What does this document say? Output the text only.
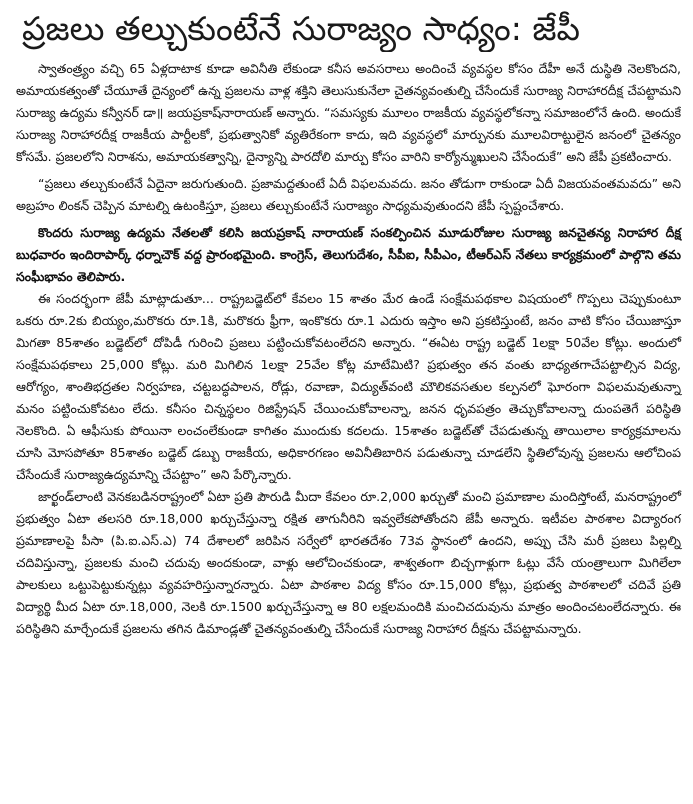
ప్రజలు తల్చుకుంటేనే సురాజ్యం సాధ్యం: జేపీ

స్వాతంత్ర్యం వచ్చి 65 ఏళ్లదాటాక కూడా అవినీతి లేకుండా కనీస అవసరాలు అందించే వ్యవస్థల కోసం దేహీ అనే దుస్థితి నెలకొందని, అమాయకత్వంతో చేయూతే దైన్యంలో ఉన్న ప్రజలను వాళ్ల శక్తిని తెలుసుకునేలా చైతన్యవంతుల్ని చేసేందుకే సురాజ్య నిరాహారదీక్ష చేపట్టామని సురాజ్య ఉద్యమ కన్వీనర్ డా॥ జయప్రకాష్‌నారాయణ్ అన్నారు. “సమస్యకు మూలం రాజకీయ వ్యవస్థలోకన్నా సమాజంలోనే ఉంది. అందుకే సురాజ్య నిరాహారదీక్ష రాజకీయ పార్టీలకో, ప్రభుత్వానికో వ్యతిరేకంగా కాదు, ఇది వ్యవస్థలో మార్పునకు మూలవిరాట్టులైన జనంలో చైతన్యం కోసమే. ప్రజలలోని నిరాశను, అమాయకత్వాన్ని, దైన్యాన్ని పారదోలి మార్పు కోసం వారిని కార్యోన్ముఖులని చేసేందుకే” అని జేపీ ప్రకటించారు.

“ప్రజలు తల్చుకుంటేనే ఏదైనా జరుగుతుంది. ప్రజామద్దతుంటే ఏదీ విఫలమవదు. జనం తోడుగా రాకుండా ఏదీ విజయవంతమవదు” అని అబ్రహం లింకన్ చెప్పిన మాటల్ని ఉటంకిస్తూ, ప్రజలు తల్చుకుంటేనే సురాజ్యం సాధ్యమవుతుందని జేపీ స్పష్టంచేశారు.

కొందరు సురాజ్య ఉద్యమ నేతలతో కలిసి జయప్రకాష్ నారాయణ్ సంకల్పించిన మూడురోజుల సురాజ్య జనచైతన్య నిరాహార దీక్ష బుధవారం ఇందిరాపార్క్ ధర్నాచౌక్ వద్ద ప్రారంభమైంది. కాంగ్రెస్, తెలుగుదేశం, సీపీఐ, సీపీఎం, టీఆర్ఎస్ నేతలు కార్యక్రమంలో పాల్గొని తమ సంఘీభావం తెలిపారు.

ఈ సందర్భంగా జేపీ మాట్లాడుతూ... రాష్ట్రబడ్జెట్‌లో కేవలం 15 శాతం మేర ఉండే సంక్షేమపథకాల విషయంలో గొప్పలు చెప్పుకుంటూ ఒకరు రూ.2కు బియ్యం,మరొకరు రూ.1కి, మరొకరు ఫ్రీగా, ఇంకొకరు రూ.1 ఎదురు ఇస్తాం అని ప్రకటిస్తుంటే, జనం వాటి కోసం చేయిజాస్తూ మిగతా 85శాతం బడ్జెట్‌లో దోపిడీ గురించి ప్రజలు పట్టించుకోవటంలేదని అన్నారు. “ఈఏట రాష్ట్ర బడ్జెట్ 1లక్షా 50వేల కోట్లు. అందులో సంక్షేమపథకాలు 25,000 కోట్లు. మరి మిగిలిన 1లక్షా 25వేల కోట్ల మాటేమిటి? ప్రభుత్వం తన వంతు బాధ్యతగాచేపట్టాల్సిన విద్య, ఆరోగ్యం, శాంతిభద్రతల నిర్వహణ, చట్టబద్ధపాలన, రోడ్లు, రవాణా, విద్యుత్‌వంటి మౌలికవసతుల కల్పనలో ఘోరంగా విఫలమవుతున్నా మనం పట్టించుకోవటం లేదు. కనీసం చిన్నస్థలం రిజిస్ట్రేషన్ చేయించుకోవాలన్నా, జనన ధృవపత్రం తెచ్చుకోవాలన్నా దుంపతెగే పరిస్థితి నెలకొంది. ఏ ఆఫీసుకు పోయినా లంచంలేకుండా కాగితం ముందుకు కదలదు. 15శాతం బడ్జెట్‌తో చేపడుతున్న తాయిలాల కార్యక్రమాలను చూసి మోసపోతూ 85శాతం బడ్జెట్ డబ్బు రాజకీయ, అధికారగణం అవినీతిబారిన పడుతున్నా చూడలేని స్థితిలోవున్న ప్రజలను ఆలోచింప చేసేందుకే సురాజ్యఉద్యమాన్ని చేపట్టాం” అని పేర్కొన్నారు.

జార్ఖండ్‌లాంటి వెనకబడినరాష్ట్రంలో ఏటా ప్రతి పౌరుడి మీదా కేవలం రూ.2,000 ఖర్చుతో మంచి ప్రమాణాల మందిస్తోంటే, మనరాష్ట్రంలో ప్రభుత్వం ఏటా తలసరి రూ.18,000 ఖర్చుచేస్తున్నా రక్షిత తాగునీరిని ఇవ్వలేకపోతోందని జేపీ అన్నారు. ఇటీవల పాఠశాల విద్యారంగ ప్రమాణాలపై పీసా (పి.ఐ.ఎస్.ఎ) 74 దేశాలలో జరిపిన సర్వేలో భారతదేశం 73వ స్థానంలో ఉందని, అప్పు చేసి మరీ ప్రజలు పిల్లల్ని చదివిస్తున్నా, ప్రజలకు మంచి చదువు అందకుండా, వాళ్లు ఆలోచించకుండా, శాశ్వతంగా బిచ్చగాళ్లుగా ఓట్లు వేసే యంత్రాలుగా మిగిలేలా పాలకులు ఒట్టుపెట్టుకున్నట్లు వ్యవహరిస్తున్నారన్నారు. ఏటా పాఠశాల విద్య కోసం రూ.15,000 కోట్లు, ప్రభుత్వ పాఠశాలలో చదివే ప్రతి విద్యార్థి మీద ఏటా రూ.18,000, నెలకి రూ.1500 ఖర్చుచేస్తున్నా ఆ 80 లక్షలమందికి మంచిచదువును మాత్రం అందించటంలేదన్నారు. ఈ పరిస్థితిని మార్చేందుకే ప్రజలను తగిన డిమాండ్లతో చైతన్యవంతుల్ని చేసేందుకే సురాజ్య నిరాహార దీక్షను చేపట్టామన్నారు.
